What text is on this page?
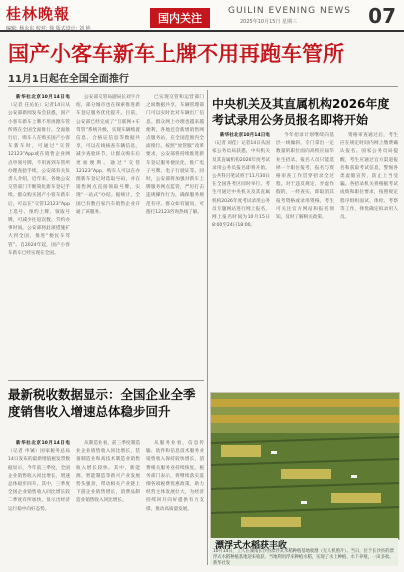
桂林晚報
编辑: 杨永东 校对: 徐 版式设计: 刘 艳
国内关注
GUILIN EVENING NEWS
2025年10月15日 星期三	07
国产小客车新车上牌不用再跑车管所
11月1日起在全国全面推行

新华社北京10月14日电（记者 任沁沁）记者14日从公安部新闻发布会获悉，国产小客车新车上牌不用再跑车管所将在全国全面推行。全面推行后，购车人在购买国产小客车新车时，可通过“交管12123”App或在销售企业网点申领号牌，不用再到车管所办理查验手续。公安部有关负责人介绍，近年来，各地公安交管部门不断简化新车登记手续。群众购买国产小客车新车后，可以在“交管12123”App上选号、预约上牌，领取号牌，可减少往返次数，节约办事时间。公安部将此项措施扩大到全国，推进“便民车驾管”。自2024年起，国产小客车新车已经实现在全国。

公安部交管局副局长刘宇介绍，部分城市也在探索推进新车登记服务优化提升。目前，公安部已经完成了“互联网+车驾管”系统升级，实现车辆购置信息、合格证信息等数据共享，可以在线核查车辆信息，减少查验环节，让群众购车后更加便利。通过“交管12123”App，购车人可以在办理新车登记时选取号码，并在销售网点直接领取号牌，实现“一站式”办结。据统计，全国已有数百家汽车销售企业开通了该服务。

已实现交管和运营部门之间数据共享，车辆管理部门可以实时比对车辆出厂信息。群众网上办理也越来越便利，各地还会新增销售网点服务站，在全国范围内全面推行。按照“放管服”改革要求，公安部将持续推进新车登记服务便民化，推广电子号牌、电子行驶证等。同时，公安部将加强对新车上牌服务网点监管，严厉打击违规操作行为，确保服务规范有序。群众如有疑问，可拨打12123咨询热线了解。

中央机关及其直属机构2026年度考试录用公务员报名即将开始

新华社北京10月14日电（记者 刘佳）记者14日从国家公务员局获悉，中央机关及其直属机构2026年度考试录用公务员报名即将开始。公共科目笔试将于11月30日在全国各考区同时举行。考生可通过中央机关及其直属机构2026年度考试录用公务员专题网站进行网上报名，网上报名时间为10月15日8:00至24日18:00。

今年招录计划继续向基层一线倾斜，专门拿出一定数量的职位面向高校应届毕业生招录。报名人员只能选择一个职位报考，报名与资格审查工作贯穿招录全过程。对于违反规定、弄虚作假的，一经查实，即取消其报考资格或录用资格。考生可关注官方网站和报名须知，及时了解相关政策。

资格审查通过后，考生应在规定时间内网上缴费确认报名。国家公务员局提醒，考生应通过官方渠道报名和获取考试信息，警惕各类虚假宣传，防止上当受骗。各招录机关将根据考试成绩和职位要求，按照规定程序组织面试、体检、考察等工作，择优确定拟录用人员。

最新税收数据显示：全国企业全季度销售收入增速总体稳步回升

新华社北京10月14日电（记者 申铖）国家税务总局14日发布的最新增值税发票数据显示，今年前三季度，全国企业销售收入同比增长，增速总体稳步回升。其中，三季度全国企业销售收入同比增长较二季度有所加快，显示出经济运行稳中向好态势。

从制造业看，前三季度制造业企业销售收入同比增长，装备制造业和高技术制造业销售收入增长较快。其中，新能源、智能制造等新兴产业发展势头强劲，带动相关产业链上下游企业销售增长，消费品制造业销售收入同比增长。

从服务业看，信息传输、软件和信息技术服务业销售收入保持较快增长，消费相关服务业持续恢复。税务部门表示，将继续落实落细各项税费优惠政策，助力经营主体发展壮大，为经济持续回升向好提供有力支撑，推动高质量发展。

漂浮式水稻获丰收
10月14日，工人在湖南长沙县漂浮式水稻种植基地收割（无人机照片）。当日，位于长沙县的漂浮式水稻种植基地迎来收获，当地利用浮床种植水稻，实现了水上种植、水下养殖，一田多收。新华社发
